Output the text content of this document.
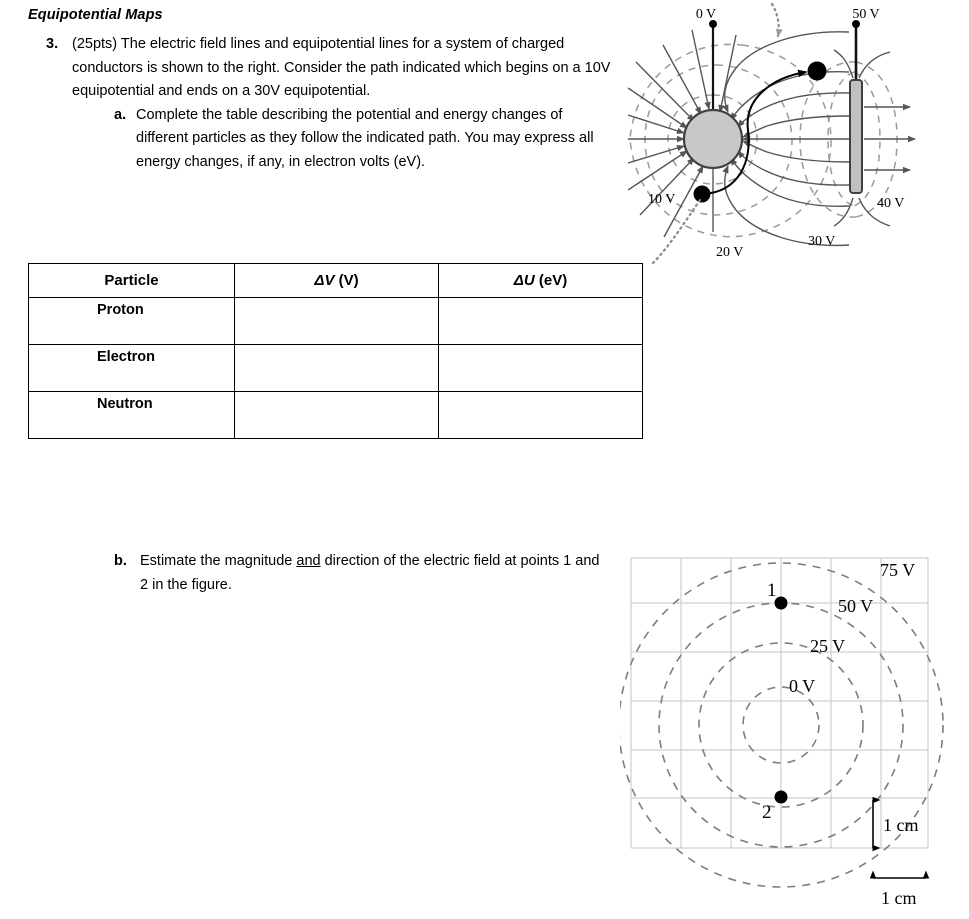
Equipotential Maps
3. (25pts) The electric field lines and equipotential lines for a system of charged conductors is shown to the right. Consider the path indicated which begins on a 10V equipotential and ends on a 30V equipotential.
a. Complete the table describing the potential and energy changes of different particles as they follow the indicated path. You may express all energy changes, if any, in electron volts (eV).
Particle	ΔV (V)	ΔU (eV)
Proton		
Electron		
Neutron		
b. Estimate the magnitude and direction of the electric field at points 1 and 2 in the figure.
0 V	50 V
10 V	40 V
20 V
30 V
75 V
50 V
25 V
0 V
1
2
1 cm
1 cm
